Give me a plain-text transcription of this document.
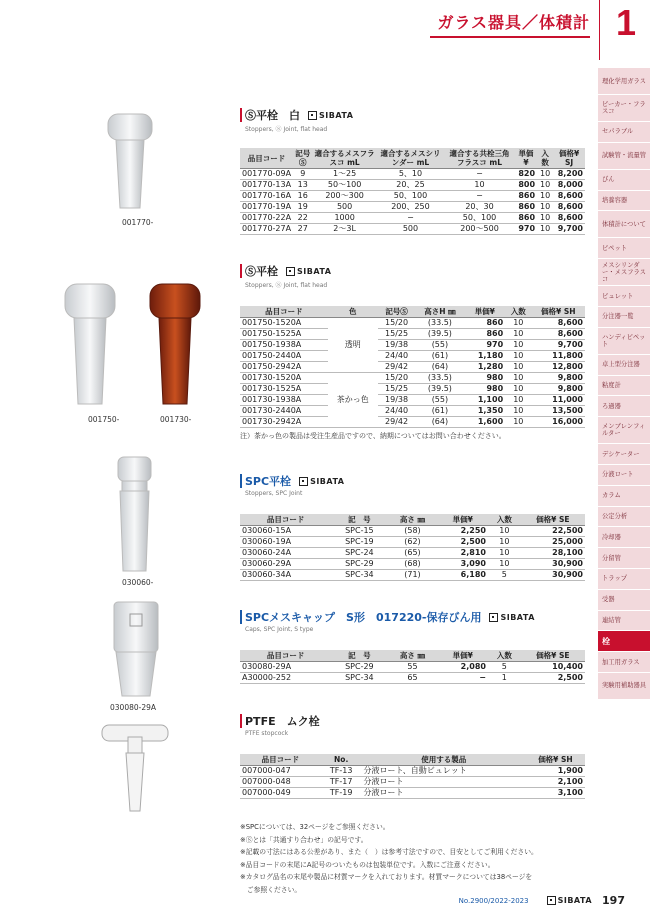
ガラス器具／体積計 1
理化学用ガラス
ビーカー・フラスコ
セパラブル
試験管・流量管
びん
培養容器
体積計について
ピペット
メスシリンダー・メスフラスコ
ビュレット
分注器一覧
ハンディピペット
卓上型分注器
粘度計
ろ過器
メンブレンフィルター
デシケーター
分液ロート
カラム
公定分析
冷却器
分留管
トラップ
受器
連結管
栓
加工用ガラス
実験用補助器具
001770-
001750-	001730-
030060-
030080-29A
Ⓢ平栓　白 SIBATA
Stoppers, Ⓢ Joint, flat head
品目コード	記号Ⓢ	適合するメスフラスコ mL	適合するメスシリンダー mL	適合する共栓三角フラスコ mL	単価¥	入数	価格¥ SJ
001770-09A	9	1〜25	5、10	−	820	10	8,200
001770-13A	13	50〜100	20、25	10	800	10	8,000
001770-16A	16	200〜300	50、100	−	860	10	8,600
001770-19A	19	500	200、250	20、30	860	10	8,600
001770-22A	22	1000	−	50、100	860	10	8,600
001770-27A	27	2〜3L	500	200〜500	970	10	9,700
Ⓢ平栓 SIBATA
Stoppers, Ⓢ Joint, flat head
品目コード	色	記号Ⓢ	高さH ㎜	単価¥	入数	価格¥ SH
001750-1520A	透明	15/20	(33.5)	860	10	8,600
001750-1525A		15/25	(39.5)	860	10	8,600
001750-1938A		19/38	(55)	970	10	9,700
001750-2440A		24/40	(61)	1,180	10	11,800
001750-2942A		29/42	(64)	1,280	10	12,800
001730-1520A	茶かっ色	15/20	(33.5)	980	10	9,800
001730-1525A		15/25	(39.5)	980	10	9,800
001730-1938A		19/38	(55)	1,100	10	11,000
001730-2440A		24/40	(61)	1,350	10	13,500
001730-2942A		29/42	(64)	1,600	10	16,000
注）茶かっ色の製品は受注生産品ですので、納期についてはお問い合わせください。
SPC平栓 SIBATA
Stoppers, SPC Joint
品目コード	記　号	高さ ㎜	単価¥	入数	価格¥ SE
030060-15A	SPC-15	(58)	2,250	10	22,500
030060-19A	SPC-19	(62)	2,500	10	25,000
030060-24A	SPC-24	(65)	2,810	10	28,100
030060-29A	SPC-29	(68)	3,090	10	30,900
030060-34A	SPC-34	(71)	6,180	5	30,900
SPCメスキャップ　S形　017220-保存びん用 SIBATA
Caps, SPC Joint, S type
品目コード	記　号	高さ ㎜	単価¥	入数	価格¥ SE
030080-29A	SPC-29	55	2,080	5	10,400
A30000-252	SPC-34	65	−	1	2,500
PTFE　ムク栓
PTFE stopcock
品目コード	No.	使用する製品	価格¥ SH
007000-047	TF-13	分液ロート、自動ビュレット	1,900
007000-048	TF-17	分液ロート	2,100
007000-049	TF-19	分液ロート	3,100
※SPCについては、32ページをご参照ください。
※Ⓢとは「共通すり合わせ」の記号です。
※記載の寸法にはある公差があり、また（　）は参考寸法ですので、目安としてご利用ください。
※品目コードの末尾にA記号のついたものは包装単位です。入数にご注意ください。
※カタログ品名の末尾や製品に材質マークを入れております。材質マークについては38ページを
　ご参照ください。
No.2900/2022-2023	SIBATA 197
